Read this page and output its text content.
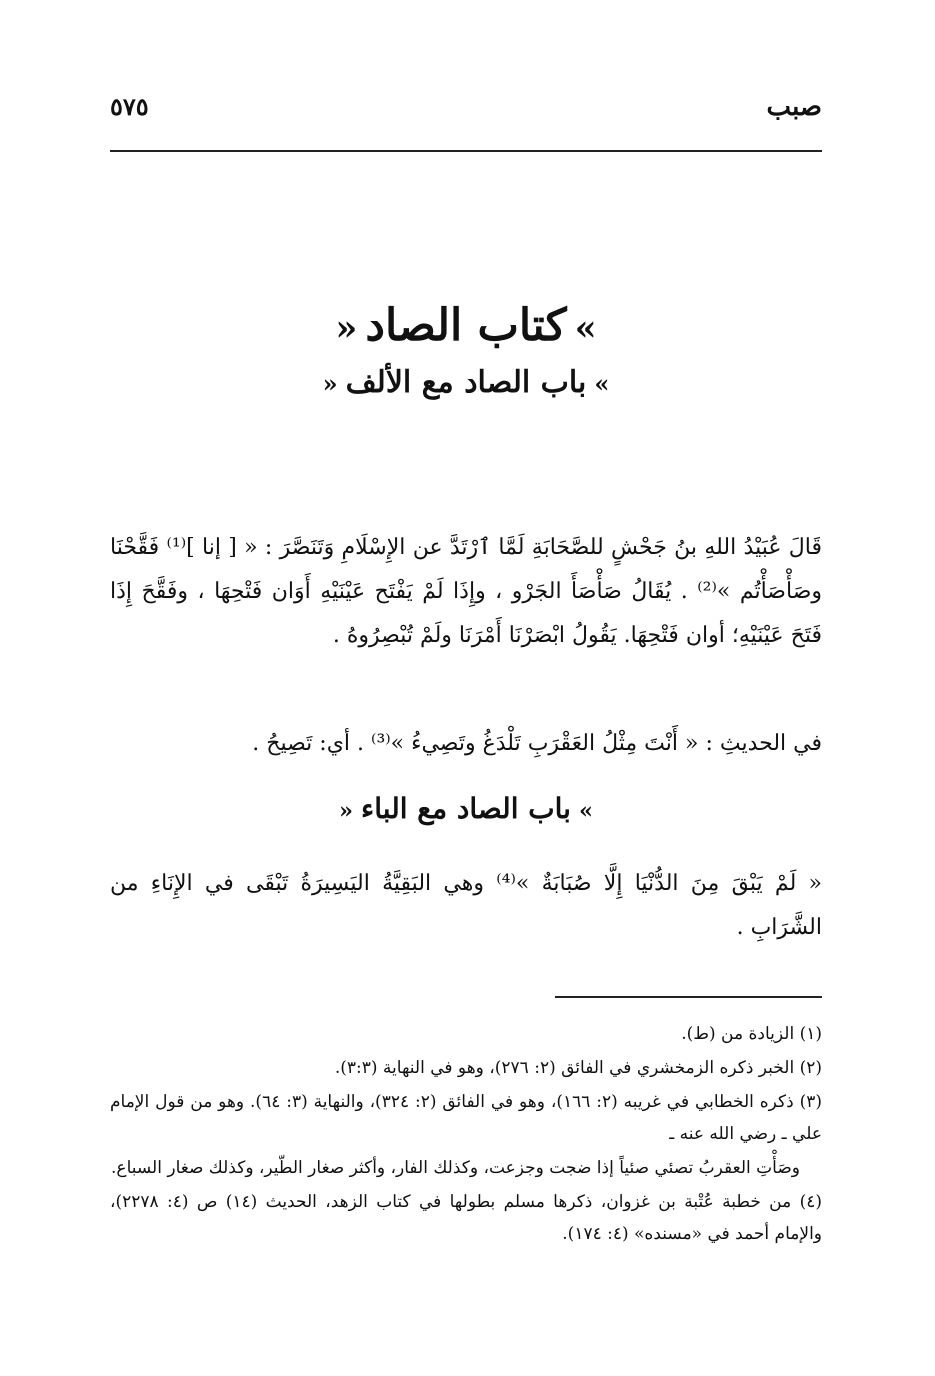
صبب
٥٧٥
»كتاب الصاد«
»باب الصاد مع الألف«

قَالَ عُبَيْدُ اللهِ بنُ جَحْشٍ للصَّحَابَةِ لَمَّا ٱرْتَدَّ عن الإِسْلَامِ وَتَنَصَّرَ : « [ إنا ]⁽¹⁾ فَقَّحْنَا وصَأْصَأْتُم »⁽²⁾ . يُقَالُ صَأْصَأَ الجَرْو ، وإِذَا لَمْ يَفْتَح عَيْنَيْهِ أَوَان فَتْحِهَا ، وفَقَّحَ إِذَا فَتَحَ عَيْنَيْهِ؛ أوان فَتْحِهَا. يَقُولُ ابْصَرْنَا أَمْرَنَا ولَمْ تُبْصِرُوهُ .

في الحديثِ : « أَنْتَ مِثْلُ العَقْرَبِ تَلْدَغُ وتَصِيءُ »⁽³⁾ . أي: تَصِيحُ .

»باب الصاد مع الباء«

« لَمْ يَبْقَ مِنَ الدُّنْيَا إِلَّا صُبَابَةٌ »⁽⁴⁾ وهي البَقِيَّةُ اليَسِيرَةُ تَبْقَى في الإِنَاءِ من الشَّرَابِ .

(١) الزيادة من (ط).
(٢) الخبر ذكره الزمخشري في الفائق (٢: ٢٧٦)، وهو في النهاية (٣:٣).
(٣) ذكره الخطابي في غريبه (٢: ١٦٦)، وهو في الفائق (٢: ٣٢٤)، والنهاية (٣: ٦٤). وهو من قول الإمام علي ـ رضي الله عنه ـ
وصَأْتِ العقربُ تصئي صئياً إذا ضجت وجزعت، وكذلك الفار، وأكثر صغار الطّير، وكذلك صغار السباع.
(٤) من خطبة عُتْبة بن غزوان، ذكرها مسلم بطولها في كتاب الزهد، الحديث (١٤) ص (٤: ٢٢٧٨)، والإمام أحمد في «مسنده» (٤: ١٧٤).
